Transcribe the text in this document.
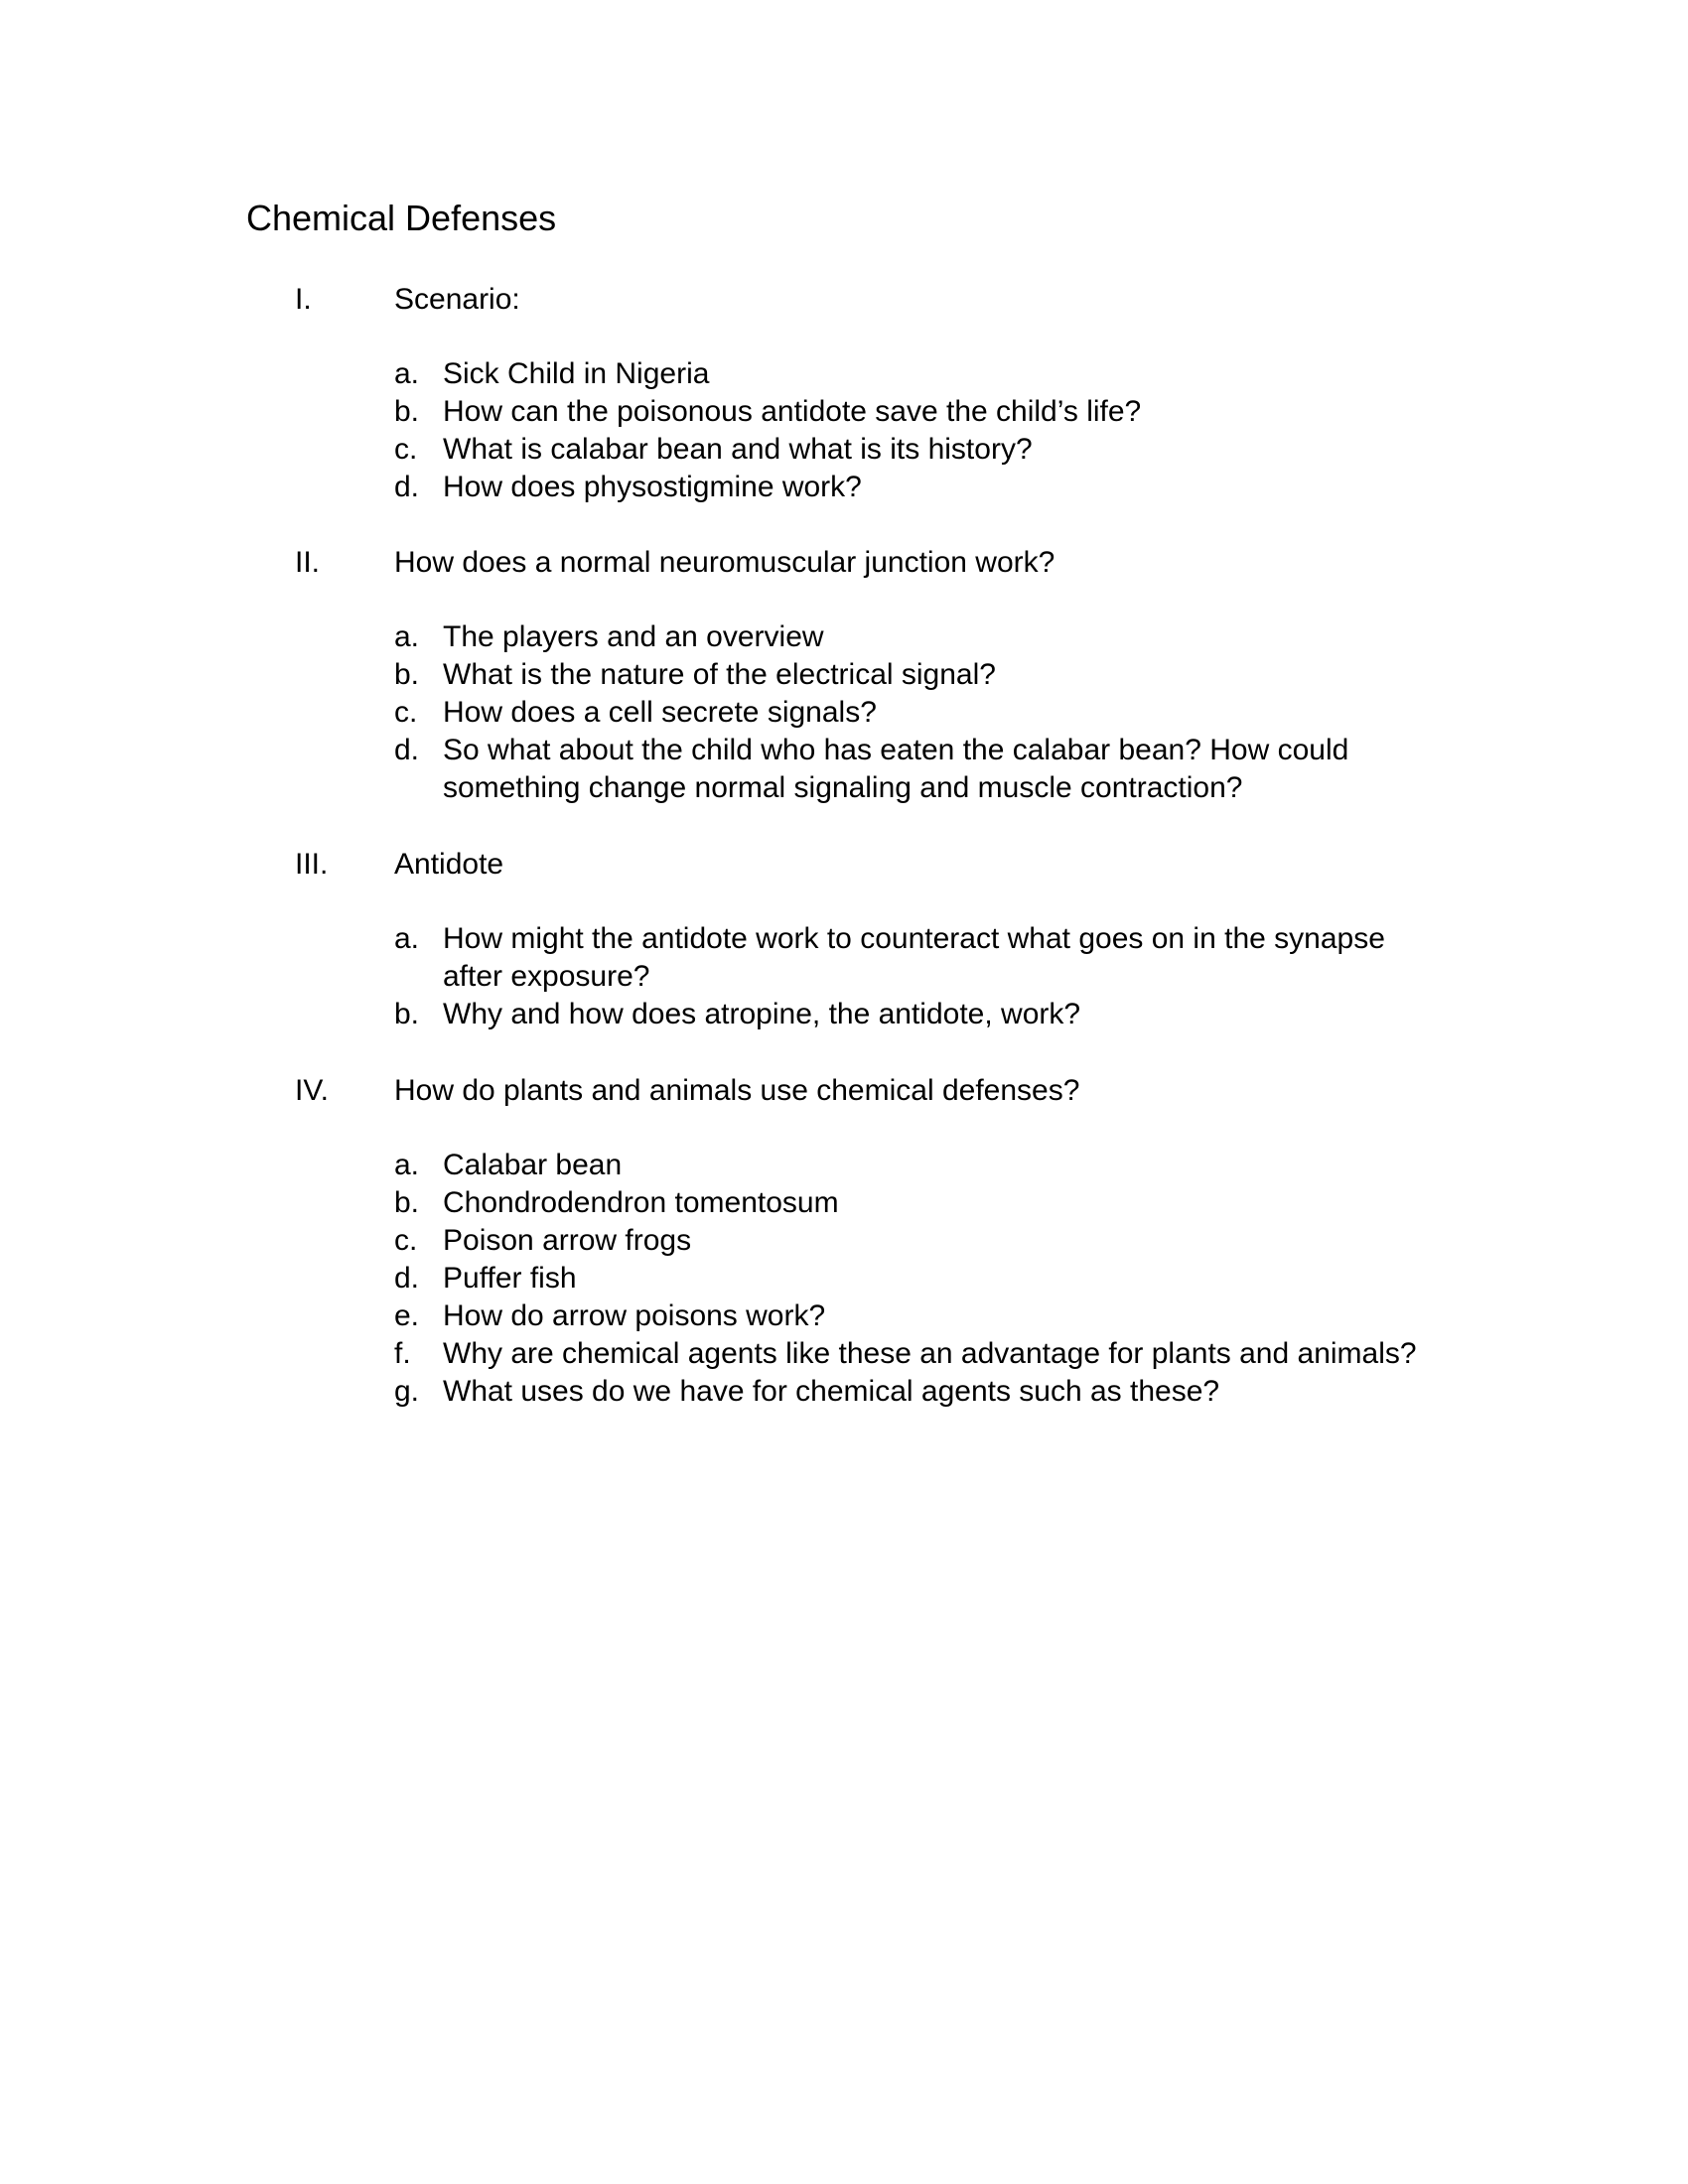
Chemical Defenses
I.	Scenario:
a. Sick Child in Nigeria
b. How can the poisonous antidote save the child’s life?
c. What is calabar bean and what is its history?
d. How does physostigmine work?
II. How does a normal neuromuscular junction work?
a. The players and an overview
b. What is the nature of the electrical signal?
c. How does a cell secrete signals?
d. So what about the child who has eaten the calabar bean? How could something change normal signaling and muscle contraction?
III. Antidote
a. How might the antidote work to counteract what goes on in the synapse after exposure?
b. Why and how does atropine, the antidote, work?
IV. How do plants and animals use chemical defenses?
a. Calabar bean
b. Chondrodendron tomentosum
c. Poison arrow frogs
d. Puffer fish
e. How do arrow poisons work?
f. Why are chemical agents like these an advantage for plants and animals?
g. What uses do we have for chemical agents such as these?
